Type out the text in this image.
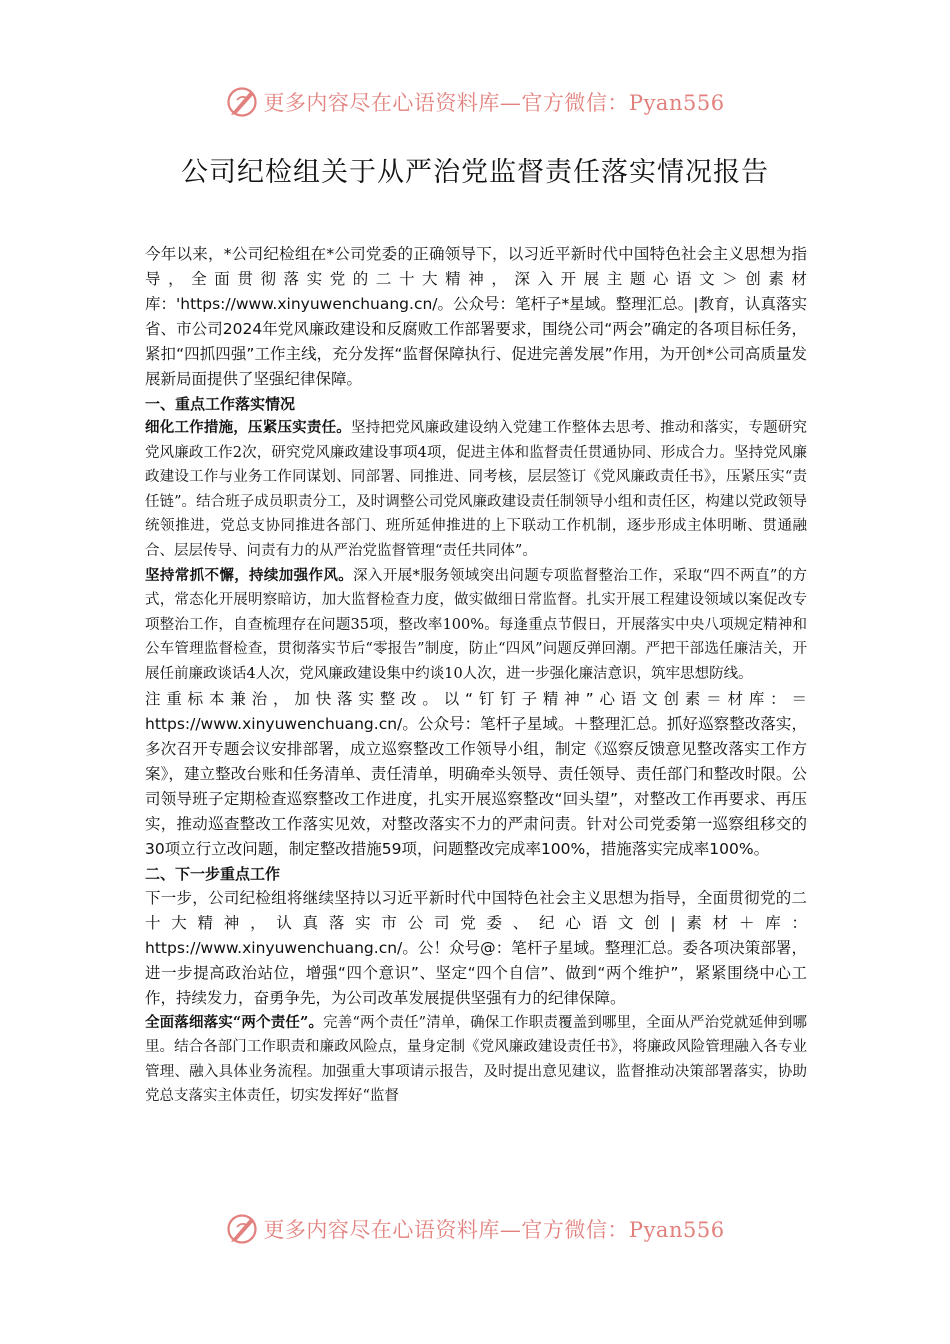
更多内容尽在心语资料库—官方微信：Pyan556
公司纪检组关于从严治党监督责任落实情况报告

今年以来，*公司纪检组在*公司党委的正确领导下，以习近平新时代中国特色社会主义思想为指导，全面贯彻落实党的二十大精神，深入开展主题心语文＞创素材库：'https://www.xinyuwenchuang.cn/。公众号：笔杆子*星域。整理汇总。|教育，认真落实省、市公司2024年党风廉政建设和反腐败工作部署要求，围绕公司“两会”确定的各项目标任务，紧扣“四抓四强”工作主线，充分发挥“监督保障执行、促进完善发展”作用，为开创*公司高质量发展新局面提供了坚强纪律保障。

一、重点工作落实情况

细化工作措施，压紧压实责任。坚持把党风廉政建设纳入党建工作整体去思考、推动和落实，专题研究党风廉政工作2次，研究党风廉政建设事项4项，促进主体和监督责任贯通协同、形成合力。坚持党风廉政建设工作与业务工作同谋划、同部署、同推进、同考核，层层签订《党风廉政责任书》，压紧压实“责任链”。结合班子成员职责分工，及时调整公司党风廉政建设责任制领导小组和责任区，构建以党政领导统领推进，党总支协同推进各部门、班所延伸推进的上下联动工作机制，逐步形成主体明晰、贯通融合、层层传导、问责有力的从严治党监督管理“责任共同体”。

坚持常抓不懈，持续加强作风。深入开展*服务领域突出问题专项监督整治工作，采取“四不两直”的方式，常态化开展明察暗访，加大监督检查力度，做实做细日常监督。扎实开展工程建设领域以案促改专项整治工作，自查梳理存在问题35项，整改率100%。每逢重点节假日，开展落实中央八项规定精神和公车管理监督检查，贯彻落实节后“零报告”制度，防止“四风”问题反弹回潮。严把干部选任廉洁关，开展任前廉政谈话4人次，党风廉政建设集中约谈10人次，进一步强化廉洁意识，筑牢思想防线。

注重标本兼治，加快落实整改。以“钉钉子精神”心语文创素＝材库：＝https://www.xinyuwenchuang.cn/。公众号：笔杆子星域。＋整理汇总。抓好巡察整改落实，多次召开专题会议安排部署，成立巡察整改工作领导小组，制定《巡察反馈意见整改落实工作方案》，建立整改台账和任务清单、责任清单，明确牵头领导、责任领导、责任部门和整改时限。公司领导班子定期检查巡察整改工作进度，扎实开展巡察整改“回头望”，对整改工作再要求、再压实，推动巡查整改工作落实见效，对整改落实不力的严肃问责。针对公司党委第一巡察组移交的30项立行立改问题，制定整改措施59项，问题整改完成率100%，措施落实完成率100%。

二、下一步重点工作

下一步，公司纪检组将继续坚持以习近平新时代中国特色社会主义思想为指导，全面贯彻党的二十大精神，认真落实市公司党委、纪心语文创|素材＋库：https://www.xinyuwenchuang.cn/。公！众号@：笔杆子星域。整理汇总。委各项决策部署，进一步提高政治站位，增强“四个意识”、坚定“四个自信”、做到“两个维护”，紧紧围绕中心工作，持续发力，奋勇争先，为公司改革发展提供坚强有力的纪律保障。

全面落细落实“两个责任”。完善“两个责任”清单，确保工作职责覆盖到哪里，全面从严治党就延伸到哪里。结合各部门工作职责和廉政风险点，量身定制《党风廉政建设责任书》，将廉政风险管理融入各专业管理、融入具体业务流程。加强重大事项请示报告，及时提出意见建议，监督推动决策部署落实，协助党总支落实主体责任，切实发挥好“监督

更多内容尽在心语资料库—官方微信：Pyan556
